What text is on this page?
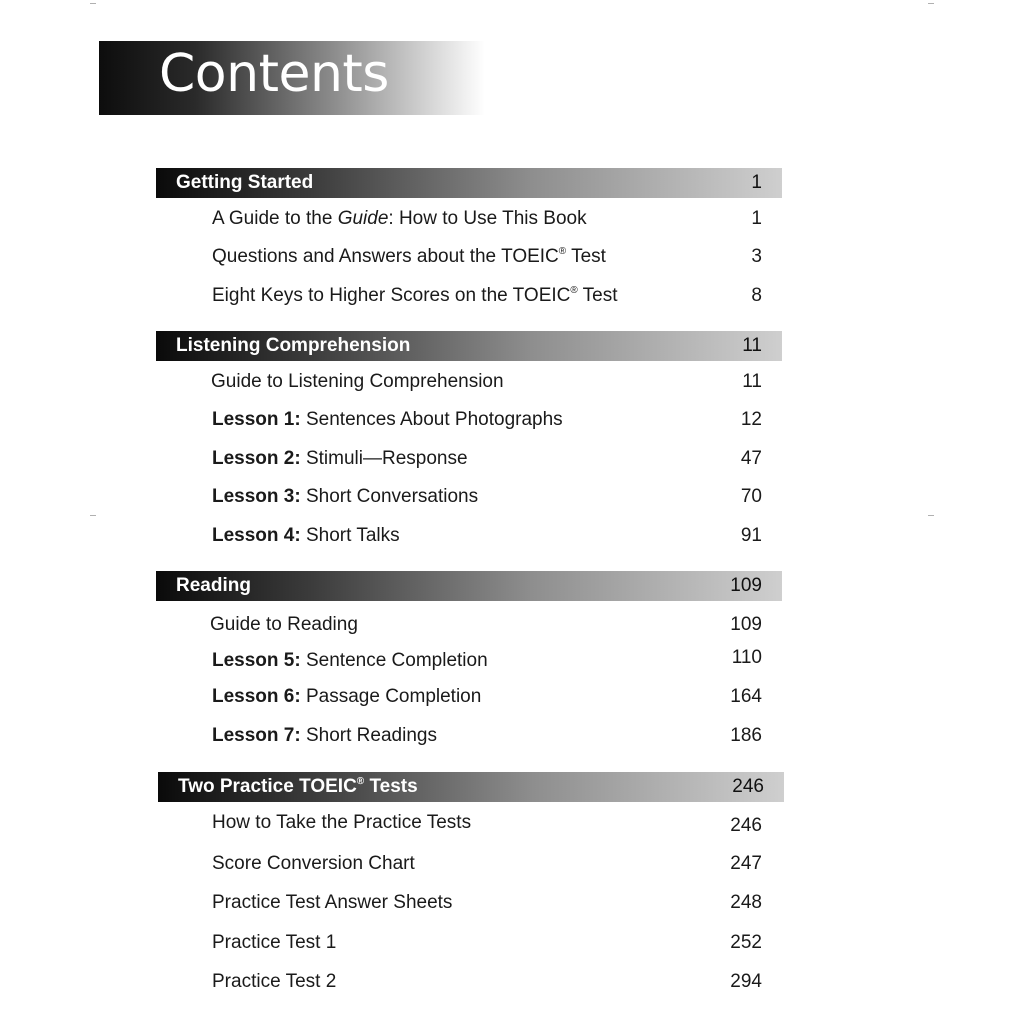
Contents
Getting Started	1
A Guide to the Guide: How to Use This Book	1
Questions and Answers about the TOEIC® Test	3
Eight Keys to Higher Scores on the TOEIC® Test	8
Listening Comprehension	11
Guide to Listening Comprehension	11
Lesson 1: Sentences About Photographs	12
Lesson 2: Stimuli—Response	47
Lesson 3: Short Conversations	70
Lesson 4: Short Talks	91
Reading	109
Guide to Reading	109
Lesson 5: Sentence Completion	110
Lesson 6: Passage Completion	164
Lesson 7: Short Readings	186
Two Practice TOEIC® Tests	246
How to Take the Practice Tests	246
Score Conversion Chart	247
Practice Test Answer Sheets	248
Practice Test 1	252
Practice Test 2	294
